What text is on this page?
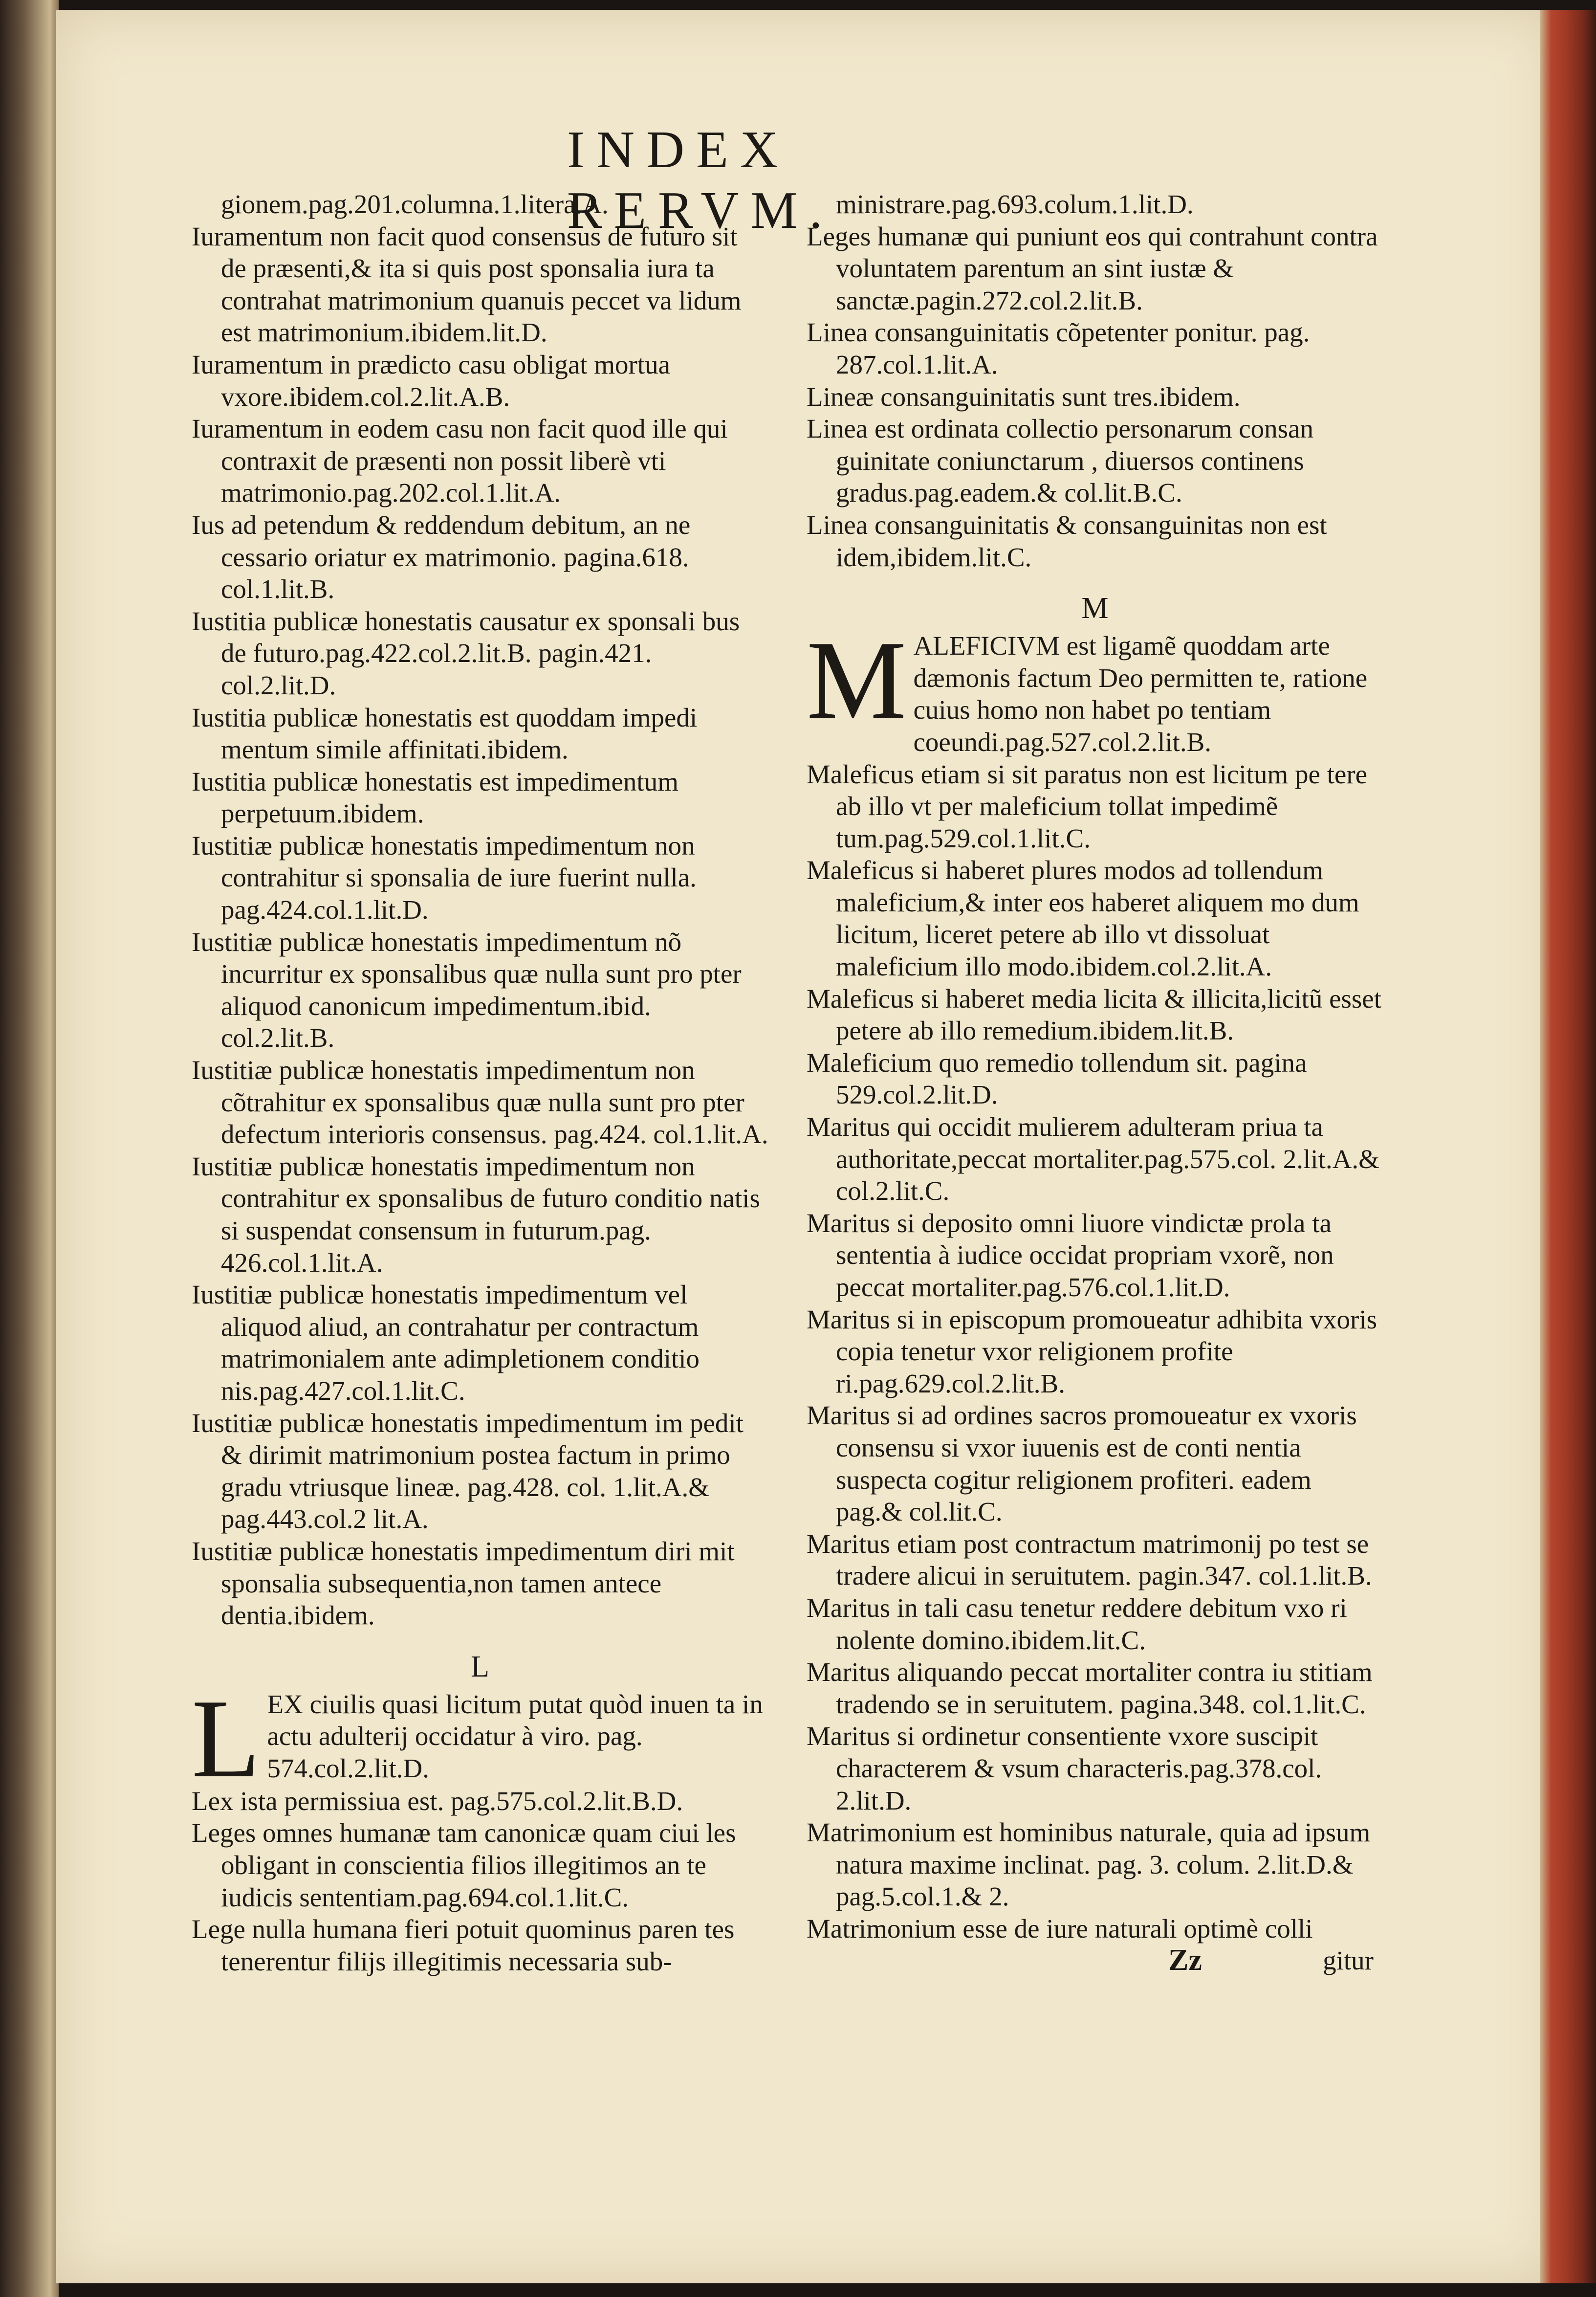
INDEX RERVM.

gionem.pag.201.columna.1.litera.A.

Iuramentum non facit quod consensus de futuro sit de præsenti,& ita si quis post sponsalia iura ta contrahat matrimonium quanuis peccet va lidum est matrimonium.ibidem.lit.D.

Iuramentum in prædicto casu obligat mortua vxore.ibidem.col.2.lit.A.B.

Iuramentum in eodem casu non facit quod ille qui contraxit de præsenti non possit liberè vti matrimonio.pag.202.col.1.lit.A.

Ius ad petendum & reddendum debitum, an ne cessario oriatur ex matrimonio. pagina.618. col.1.lit.B.

Iustitia publicæ honestatis causatur ex sponsali bus de futuro.pag.422.col.2.lit.B. pagin.421. col.2.lit.D.

Iustitia publicæ honestatis est quoddam impedi mentum simile affinitati.ibidem.

Iustitia publicæ honestatis est impedimentum perpetuum.ibidem.

Iustitiæ publicæ honestatis impedimentum non contrahitur si sponsalia de iure fuerint nulla. pag.424.col.1.lit.D.

Iustitiæ publicæ honestatis impedimentum nõ incurritur ex sponsalibus quæ nulla sunt pro pter aliquod canonicum impedimentum.ibid. col.2.lit.B.

Iustitiæ publicæ honestatis impedimentum non cõtrahitur ex sponsalibus quæ nulla sunt pro pter defectum interioris consensus. pag.424. col.1.lit.A.

Iustitiæ publicæ honestatis impedimentum non contrahitur ex sponsalibus de futuro conditio natis si suspendat consensum in futurum.pag. 426.col.1.lit.A.

Iustitiæ publicæ honestatis impedimentum vel aliquod aliud, an contrahatur per contractum matrimonialem ante adimpletionem conditio nis.pag.427.col.1.lit.C.

Iustitiæ publicæ honestatis impedimentum im pedit & dirimit matrimonium postea factum in primo gradu vtriusque lineæ. pag.428. col. 1.lit.A.& pag.443.col.2 lit.A.

Iustitiæ publicæ honestatis impedimentum diri mit sponsalia subsequentia,non tamen antece dentia.ibidem.

L
L EX ciuilis quasi licitum putat quòd inuen ta in actu adulterij occidatur à viro. pag. 574.col.2.lit.D.

Lex ista permissiua est. pag.575.col.2.lit.B.D.

Leges omnes humanæ tam canonicæ quam ciui les obligant in conscientia filios illegitimos an te iudicis sententiam.pag.694.col.1.lit.C.

Lege nulla humana fieri potuit quominus paren tes tenerentur filijs illegitimis necessaria sub-

ministrare.pag.693.colum.1.lit.D.

Leges humanæ qui puniunt eos qui contrahunt contra voluntatem parentum an sint iustæ & sanctæ.pagin.272.col.2.lit.B.

Linea consanguinitatis cõpetenter ponitur. pag. 287.col.1.lit.A.

Lineæ consanguinitatis sunt tres.ibidem.

Linea est ordinata collectio personarum consan guinitate coniunctarum , diuersos continens gradus.pag.eadem.& col.lit.B.C.

Linea consanguinitatis & consanguinitas non est idem,ibidem.lit.C.

M
M ALEFICIVM est ligamẽ quoddam arte dæmonis factum Deo permitten te, ratione cuius homo non habet po tentiam coeundi.pag.527.col.2.lit.B.

Maleficus etiam si sit paratus non est licitum pe tere ab illo vt per maleficium tollat impedimẽ tum.pag.529.col.1.lit.C.

Maleficus si haberet plures modos ad tollendum maleficium,& inter eos haberet aliquem mo dum licitum, liceret petere ab illo vt dissoluat maleficium illo modo.ibidem.col.2.lit.A.

Maleficus si haberet media licita & illicita,licitũ esset petere ab illo remedium.ibidem.lit.B.

Maleficium quo remedio tollendum sit. pagina 529.col.2.lit.D.

Maritus qui occidit mulierem adulteram priua ta authoritate,peccat mortaliter.pag.575.col. 2.lit.A.& col.2.lit.C.

Maritus si deposito omni liuore vindictæ prola ta sententia à iudice occidat propriam vxorẽ, non peccat mortaliter.pag.576.col.1.lit.D.

Maritus si in episcopum promoueatur adhibita vxoris copia tenetur vxor religionem profite ri.pag.629.col.2.lit.B.

Maritus si ad ordines sacros promoueatur ex vxoris consensu si vxor iuuenis est de conti nentia suspecta cogitur religionem profiteri. eadem pag.& col.lit.C.

Maritus etiam post contractum matrimonij po test se tradere alicui in seruitutem. pagin.347. col.1.lit.B.

Maritus in tali casu tenetur reddere debitum vxo ri nolente domino.ibidem.lit.C.

Maritus aliquando peccat mortaliter contra iu stitiam tradendo se in seruitutem. pagina.348. col.1.lit.C.

Maritus si ordinetur consentiente vxore suscipit characterem & vsum characteris.pag.378.col. 2.lit.D.

Matrimonium est hominibus naturale, quia ad ipsum natura maxime inclinat. pag. 3. colum. 2.lit.D.& pag.5.col.1.& 2.

Matrimonium esse de iure naturali optimè colli

Zz	gitur
